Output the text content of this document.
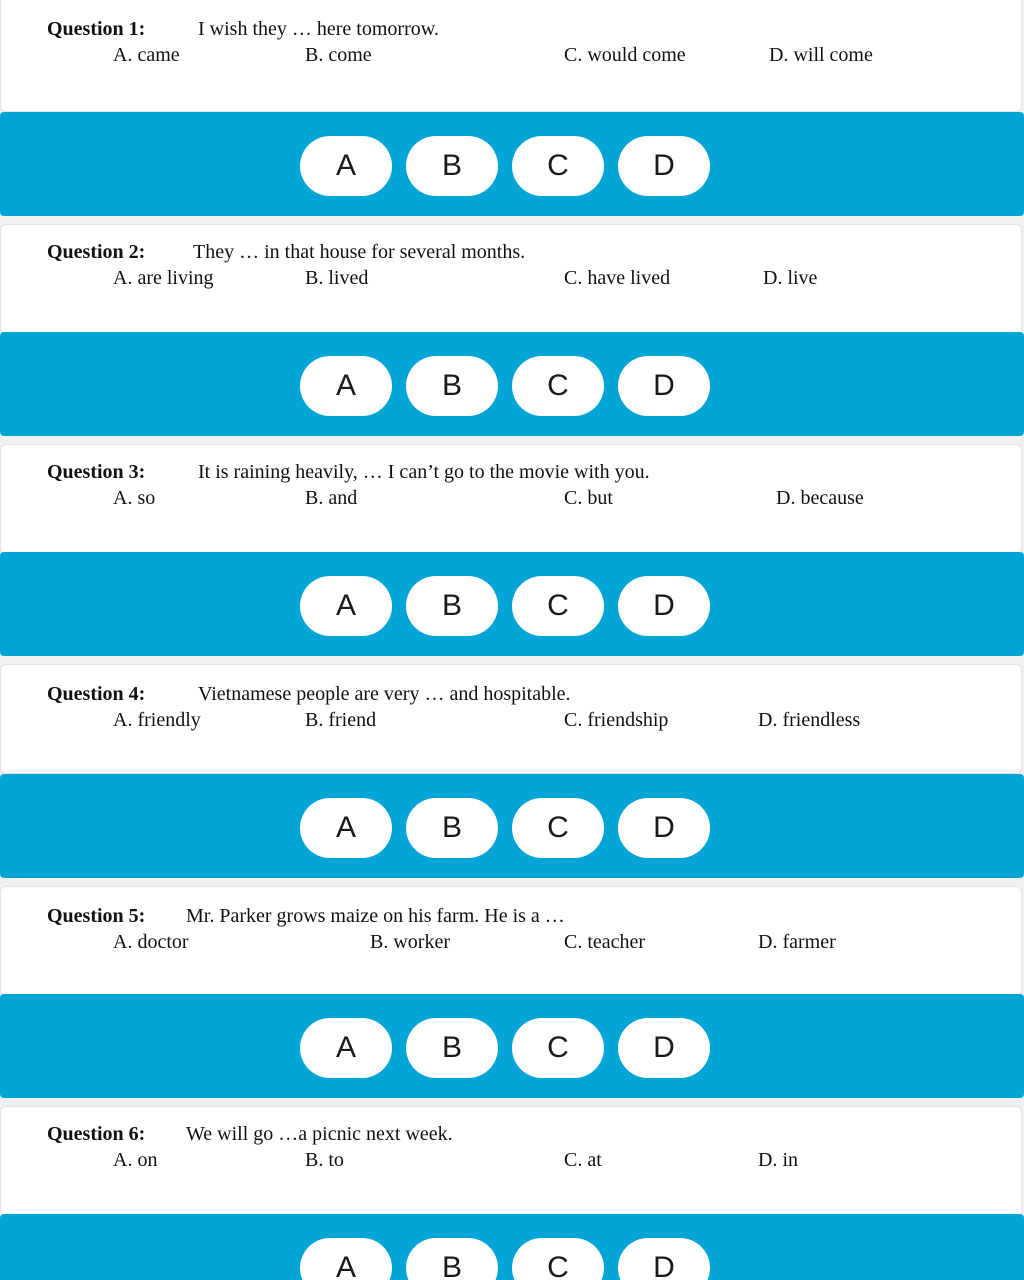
Question 1:	I wish they … here tomorrow.
A. came	B. come	C. would come	D. will come
A	B	C	D
Question 2: They … in that house for several months.
A. are living	B. lived	C. have lived	D. live
A	B	C	D
Question 3:	It is raining heavily, … I can’t go to the movie with you.
A. so	B. and	C. but	D. because
A	B	C	D
Question 4:	Vietnamese people are very … and hospitable.
A. friendly	B. friend	C. friendship	D. friendless
A	B	C	D
Question 5: Mr. Parker grows maize on his farm. He is a …
A. doctor	B. worker	C. teacher	D. farmer
A	B	C	D
Question 6: We will go …a picnic next week.
A. on	B. to	C. at	D. in
A	B	C	D
